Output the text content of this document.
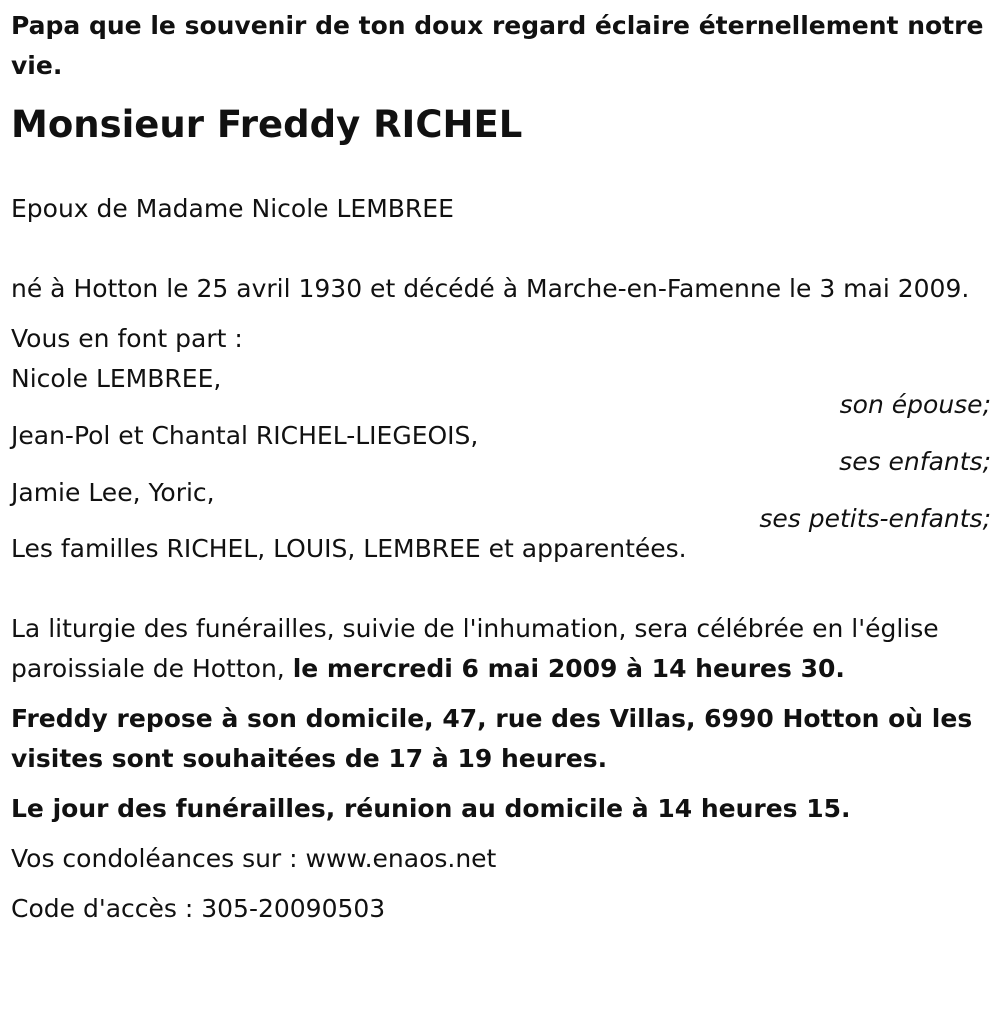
Papa que le souvenir de ton doux regard éclaire éternellement notre vie.

Monsieur Freddy RICHEL

Epoux de Madame Nicole LEMBREE

né à Hotton le 25 avril 1930 et décédé à Marche-en-Famenne le 3 mai 2009.

Vous en font part :

Nicole LEMBREE,

son épouse;

Jean-Pol et Chantal RICHEL-LIEGEOIS,

ses enfants;

Jamie Lee, Yoric,

ses petits-enfants;

Les familles RICHEL, LOUIS, LEMBREE et apparentées.

La liturgie des funérailles, suivie de l'inhumation, sera célébrée en l'église paroissiale de Hotton, le mercredi 6 mai 2009 à 14 heures 30.

Freddy repose à son domicile, 47, rue des Villas, 6990 Hotton où les visites sont souhaitées de 17 à 19 heures.

Le jour des funérailles, réunion au domicile à 14 heures 15.

Vos condoléances sur : www.enaos.net

Code d'accès : 305-20090503
